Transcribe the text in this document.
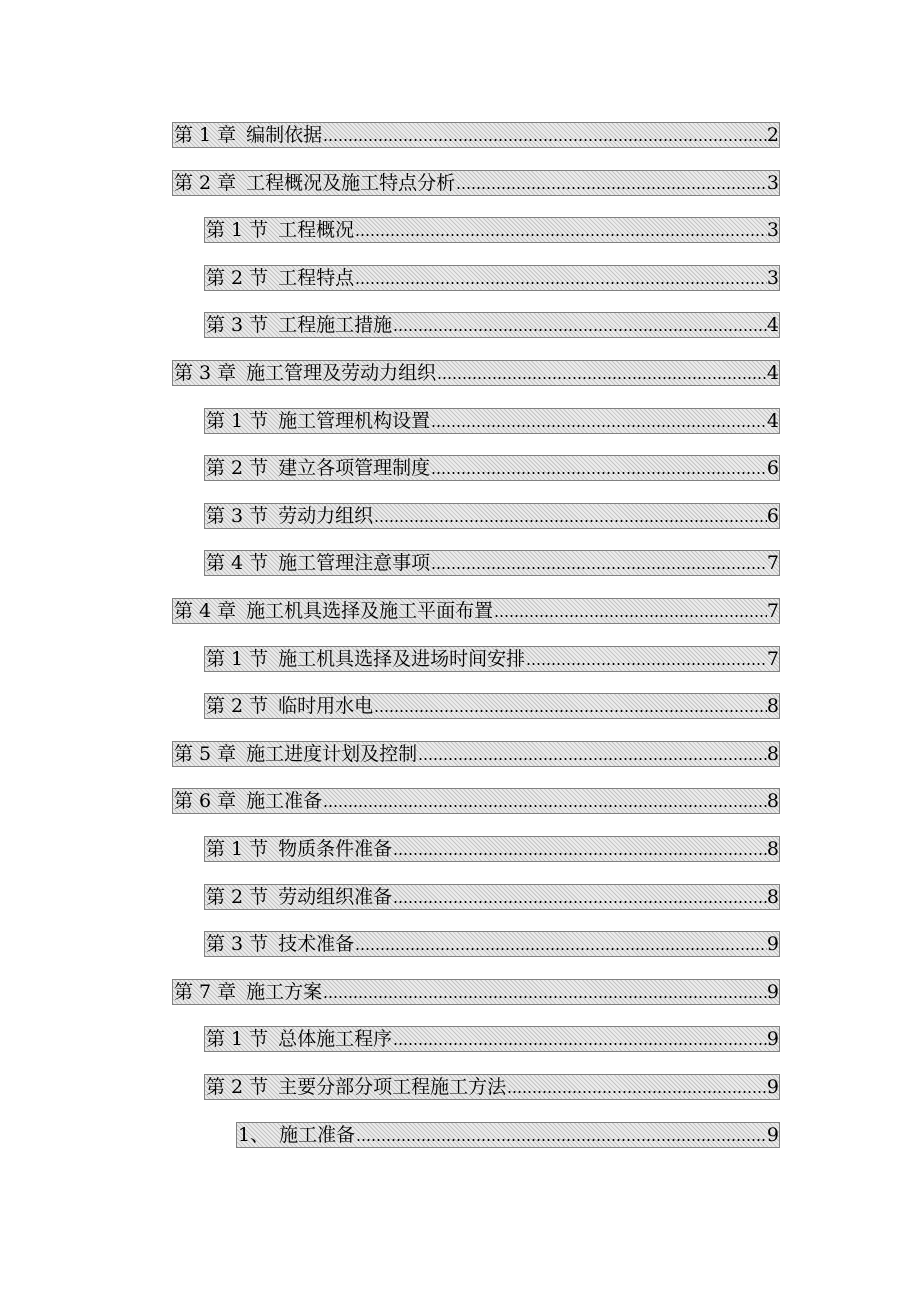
第 1 章 编制依据	2
第 2 章 工程概况及施工特点分析	3
第 1 节 工程概况	3
第 2 节 工程特点	3
第 3 节 工程施工措施	4
第 3 章 施工管理及劳动力组织	4
第 1 节 施工管理机构设置	4
第 2 节 建立各项管理制度	6
第 3 节 劳动力组织	6
第 4 节 施工管理注意事项	7
第 4 章 施工机具选择及施工平面布置	7
第 1 节 施工机具选择及进场时间安排	7
第 2 节 临时用水电	8
第 5 章 施工进度计划及控制	8
第 6 章 施工准备	8
第 1 节 物质条件准备	8
第 2 节 劳动组织准备	8
第 3 节 技术准备	9
第 7 章 施工方案	9
第 1 节 总体施工程序	9
第 2 节 主要分部分项工程施工方法	9
1、 施工准备	9
